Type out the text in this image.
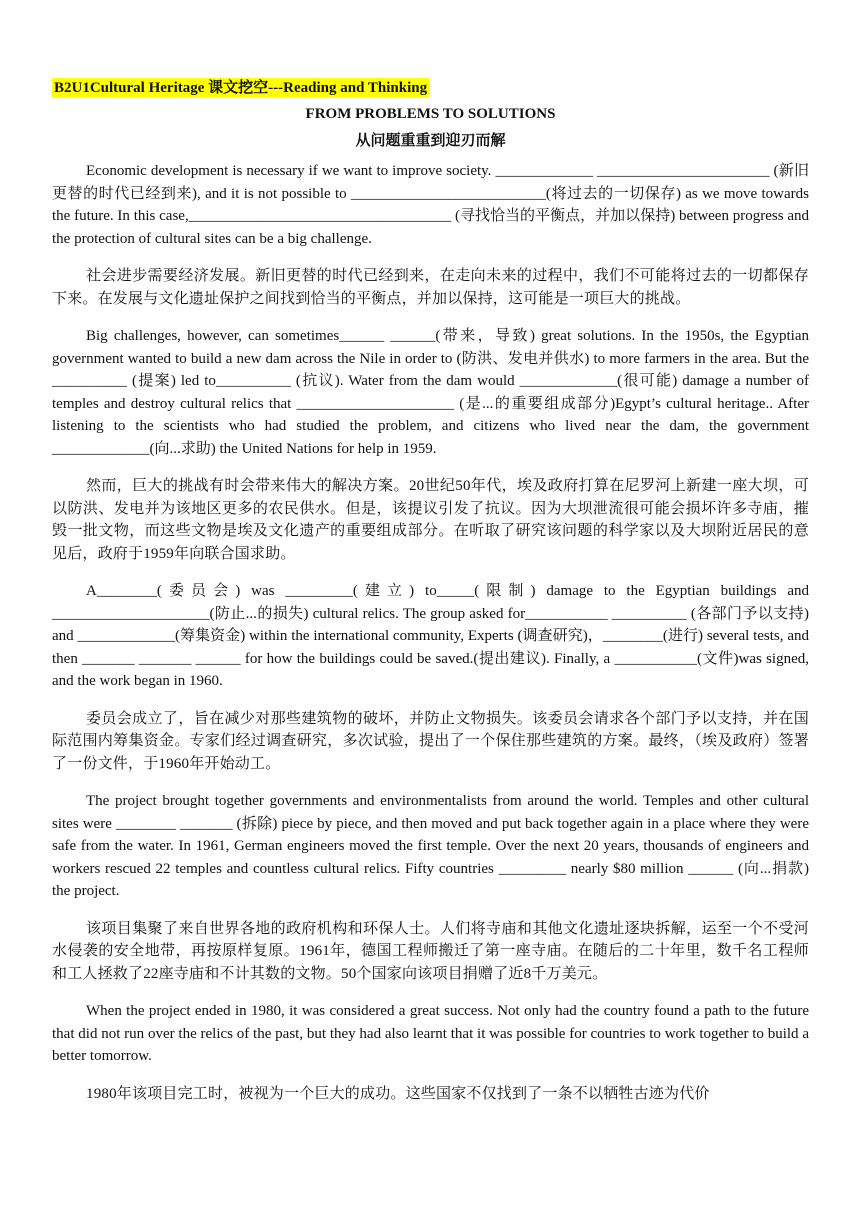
B2U1Cultural Heritage 课文挖空---Reading and Thinking
FROM PROBLEMS TO SOLUTIONS
从问题重重到迎刃而解

Economic development is necessary if we want to improve society. _____________ _______________________ (新旧更替的时代已经到来), and it is not possible to __________________________(将过去的一切保存) as we move towards the future. In this case,___________________________________ (寻找恰当的平衡点，并加以保持) between progress and the protection of cultural sites can be a big challenge.

社会进步需要经济发展。新旧更替的时代已经到来，在走向未来的过程中，我们不可能将过去的一切都保存下来。在发展与文化遗址保护之间找到恰当的平衡点，并加以保持，这可能是一项巨大的挑战。

Big challenges, however, can sometimes______ ______(带来，导致) great solutions. In the 1950s, the Egyptian government wanted to build a new dam across the Nile in order to (防洪、发电并供水) to more farmers in the area. But the __________ (提案) led to__________ (抗议). Water from the dam would _____________(很可能) damage a number of temples and destroy cultural relics that _____________________ (是...的重要组成部分)Egypt’s cultural heritage.. After listening to the scientists who had studied the problem, and citizens who lived near the dam, the government _____________(向...求助) the United Nations for help in 1959.

然而，巨大的挑战有时会带来伟大的解决方案。20世纪50年代，埃及政府打算在尼罗河上新建一座大坝，可以防洪、发电并为该地区更多的农民供水。但是，该提议引发了抗议。因为大坝泄流很可能会损坏许多寺庙，摧毁一批文物，而这些文物是埃及文化遗产的重要组成部分。在听取了研究该问题的科学家以及大坝附近居民的意见后，政府于1959年向联合国求助。

A________(委员会) was _________(建立) to_____(限制) damage to the Egyptian buildings and _____________________(防止...的损失) cultural relics. The group asked for___________ __________ (各部门予以支持) and _____________(筹集资金) within the international community, Experts (调查研究)，________(进行) several tests, and then _______ _______ ______ for how the buildings could be saved.(提出建议). Finally, a ___________(文件)was signed, and the work began in 1960.

委员会成立了，旨在减少对那些建筑物的破坏，并防止文物损失。该委员会请求各个部门予以支持，并在国际范围内筹集资金。专家们经过调查研究，多次试验，提出了一个保住那些建筑的方案。最终，（埃及政府）签署了一份文件，于1960年开始动工。

The project brought together governments and environmentalists from around the world. Temples and other cultural sites were ________ _______ (拆除) piece by piece, and then moved and put back together again in a place where they were safe from the water. In 1961, German engineers moved the first temple. Over the next 20 years, thousands of engineers and workers rescued 22 temples and countless cultural relics. Fifty countries _________ nearly $80 million ______ (向...捐款) the project.

该项目集聚了来自世界各地的政府机构和环保人士。人们将寺庙和其他文化遗址逐块拆解，运至一个不受河水侵袭的安全地带，再按原样复原。1961年，德国工程师搬迁了第一座寺庙。在随后的二十年里，数千名工程师和工人拯救了22座寺庙和不计其数的文物。50个国家向该项目捐赠了近8千万美元。

When the project ended in 1980, it was considered a great success. Not only had the country found a path to the future that did not run over the relics of the past, but they had also learnt that it was possible for countries to work together to build a better tomorrow.

1980年该项目完工时，被视为一个巨大的成功。这些国家不仅找到了一条不以牺牲古迹为代价
